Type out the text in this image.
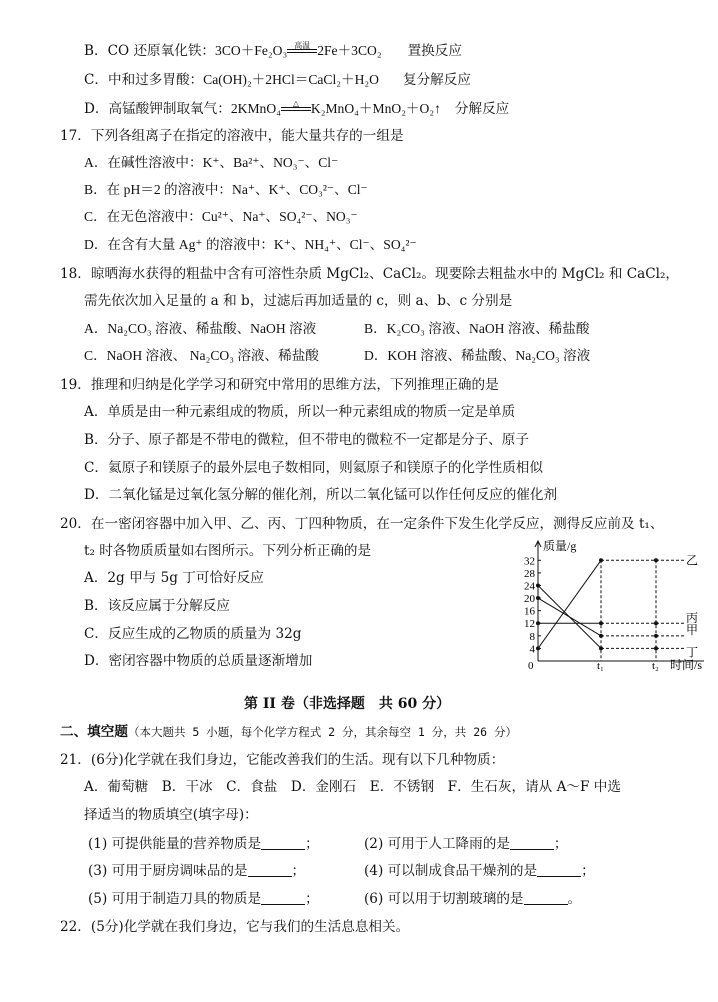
B．CO 还原氧化铁：3CO＋Fe₂O₃ 高温 2Fe＋3CO₂ 置换反应
C．中和过多胃酸：Ca(OH)₂＋2HCl＝CaCl₂＋H₂O 复分解反应
D．高锰酸钾制取氧气：2KMnO₄	△ K₂MnO₄＋MnO₂＋O₂↑ 分解反应
17．下列各组离子在指定的溶液中，能大量共存的一组是
A．在碱性溶液中：K⁺、Ba²⁺、NO₃⁻、Cl⁻
B．在 pH＝2 的溶液中：Na⁺、K⁺、CO₃²⁻、Cl⁻
C．在无色溶液中：Cu²⁺、Na⁺、SO₄²⁻、NO₃⁻
D．在含有大量 Ag⁺ 的溶液中：K⁺、NH₄⁺、Cl⁻、SO₄²⁻
18．晾晒海水获得的粗盐中含有可溶性杂质 MgCl₂、CaCl₂。现要除去粗盐水中的 MgCl₂ 和 CaCl₂，
需先依次加入足量的 a 和 b，过滤后再加适量的 c，则 a、b、c 分别是
A．Na₂CO₃ 溶液、稀盐酸、NaOH 溶液	B．K₂CO₃ 溶液、NaOH 溶液、稀盐酸
C．NaOH 溶液、 Na₂CO₃ 溶液、稀盐酸	D．KOH 溶液、稀盐酸、Na₂CO₃ 溶液
19．推理和归纳是化学学习和研究中常用的思维方法，下列推理正确的是
A．单质是由一种元素组成的物质，所以一种元素组成的物质一定是单质
B．分子、原子都是不带电的微粒，但不带电的微粒不一定都是分子、原子
C．氦原子和镁原子的最外层电子数相同，则氦原子和镁原子的化学性质相似
D．二氧化锰是过氧化氢分解的催化剂，所以二氧化锰可以作任何反应的催化剂
20．在一密闭容器中加入甲、乙、丙、丁四种物质，在一定条件下发生化学反应，测得反应前及 t₁、
t₂ 时各物质质量如右图所示。下列分析正确的是
A．2g 甲与 5g 丁可恰好反应
B．该反应属于分解反应
C．反应生成的乙物质的质量为 32g
D．密闭容器中物质的总质量逐渐增加
质量/g
时间/s
4
8
12
16
20
24
28
32
0	t₁	t₂
乙
丙
甲
丁
第 II 卷（非选择题　共 60 分）
二、填空题（本大题共 5 小题，每个化学方程式 2 分，其余每空 1 分，共 26 分）
21．(6分)化学就在我们身边，它能改善我们的生活。现有以下几种物质：
A．葡萄糖　B．干冰　C．食盐　D．金刚石　E．不锈钢　F．生石灰，请从 A～F 中选
择适当的物质填空(填字母)：
(1) 可提供能量的营养物质是	；	(2) 可用于人工降雨的是	；
(3) 可用于厨房调味品的是	；	(4) 可以制成食品干燥剂的是	；
(5) 可用于制造刀具的物质是	；	(6) 可以用于切割玻璃的是	。
22．(5分)化学就在我们身边，它与我们的生活息息相关。
